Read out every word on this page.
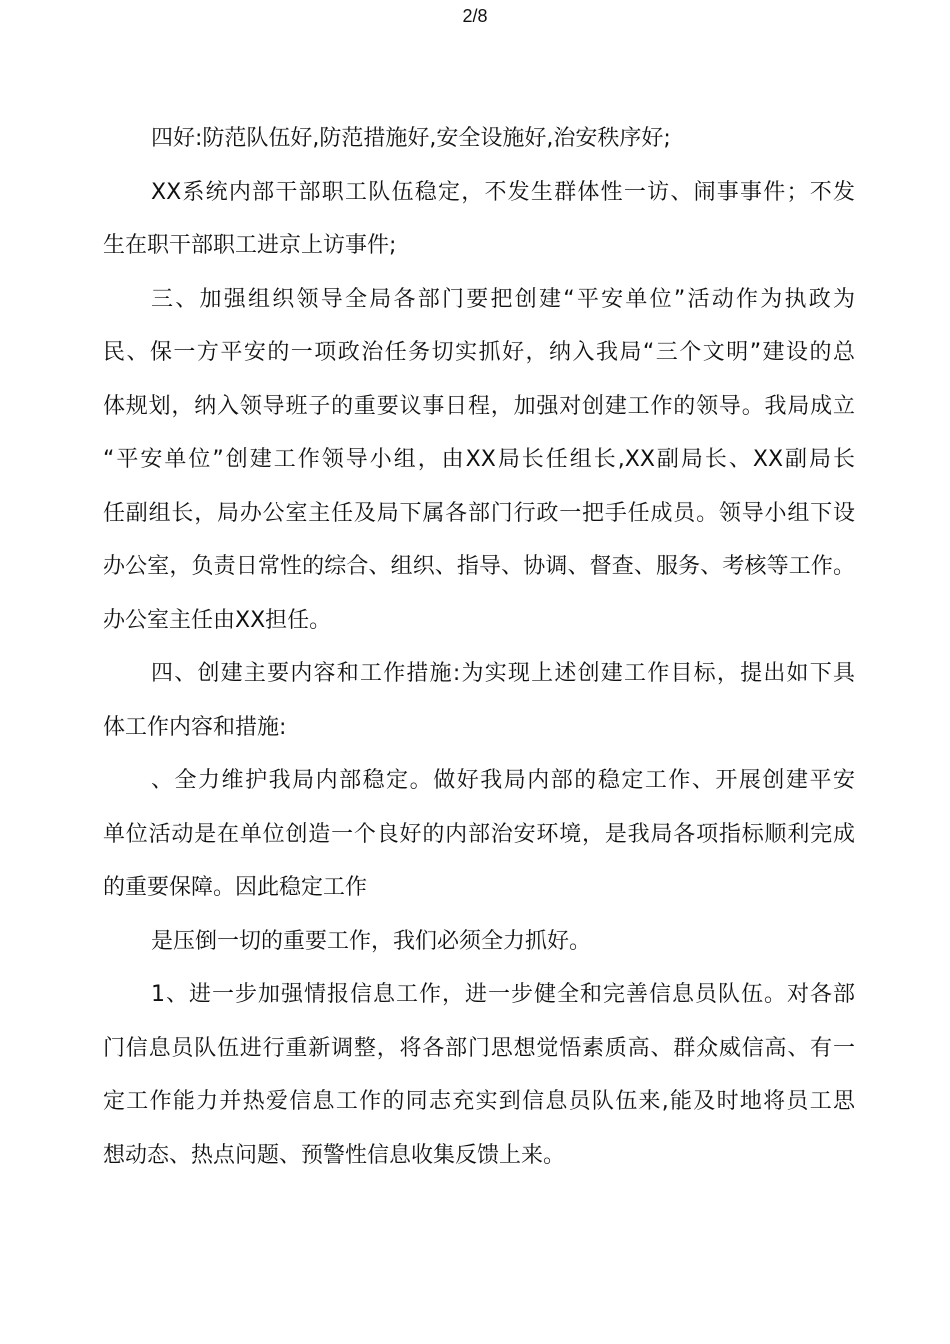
2/8
四好:防范队伍好,防范措施好,安全设施好,治安秩序好;
XX系统内部干部职工队伍稳定，不发生群体性一访、闹事事件；不发
生在职干部职工进京上访事件;
三、加强组织领导全局各部门要把创建“平安单位”活动作为执政为
民、保一方平安的一项政治任务切实抓好，纳入我局“三个文明”建设的总
体规划，纳入领导班子的重要议事日程，加强对创建工作的领导。我局成立
“平安单位”创建工作领导小组，由XX局长任组长,XX副局长、XX副局长
任副组长，局办公室主任及局下属各部门行政一把手任成员。领导小组下设
办公室，负责日常性的综合、组织、指导、协调、督查、服务、考核等工作。
办公室主任由XX担任。
四、创建主要内容和工作措施:为实现上述创建工作目标，提出如下具
体工作内容和措施:
、全力维护我局内部稳定。做好我局内部的稳定工作、开展创建平安
单位活动是在单位创造一个良好的内部治安环境，是我局各项指标顺利完成
的重要保障。因此稳定工作
是压倒一切的重要工作，我们必须全力抓好。
1、进一步加强情报信息工作，进一步健全和完善信息员队伍。对各部
门信息员队伍进行重新调整，将各部门思想觉悟素质高、群众威信高、有一
定工作能力并热爱信息工作的同志充实到信息员队伍来,能及时地将员工思
想动态、热点问题、预警性信息收集反馈上来。
